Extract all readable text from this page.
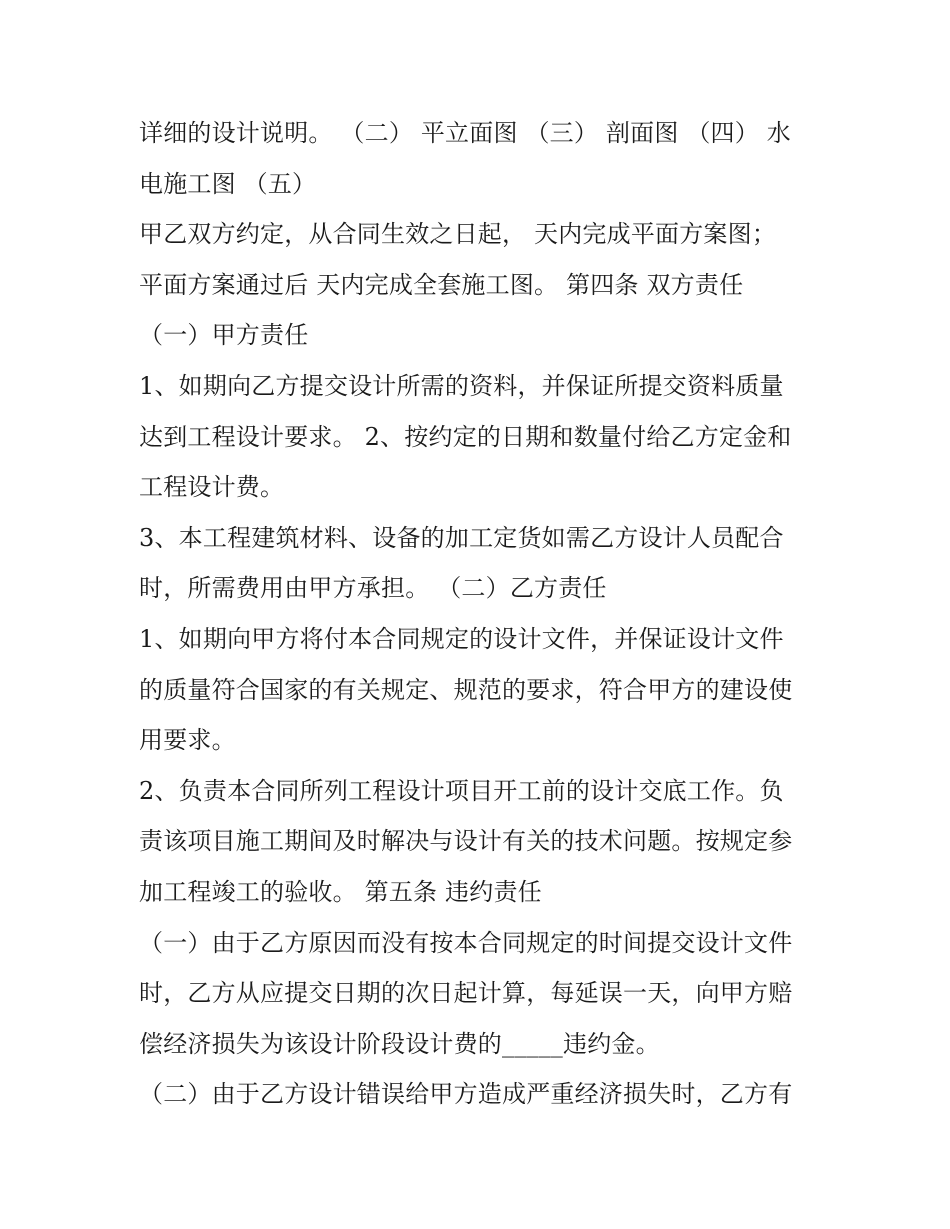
详细的设计说明。 （二） 平立面图 （三） 剖面图 （四） 水
电施工图 （五）
甲乙双方约定，从合同生效之日起， 天内完成平面方案图；
平面方案通过后 天内完成全套施工图。 第四条 双方责任
（一）甲方责任
1、如期向乙方提交设计所需的资料，并保证所提交资料质量
达到工程设计要求。 2、按约定的日期和数量付给乙方定金和
工程设计费。
3、本工程建筑材料、设备的加工定货如需乙方设计人员配合
时，所需费用由甲方承担。 （二）乙方责任
1、如期向甲方将付本合同规定的设计文件，并保证设计文件
的质量符合国家的有关规定、规范的要求，符合甲方的建设使
用要求。
2、负责本合同所列工程设计项目开工前的设计交底工作。负
责该项目施工期间及时解决与设计有关的技术问题。按规定参
加工程竣工的验收。 第五条 违约责任
（一）由于乙方原因而没有按本合同规定的时间提交设计文件
时，乙方从应提交日期的次日起计算，每延误一天，向甲方赔
偿经济损失为该设计阶段设计费的_____违约金。
（二）由于乙方设计错误给甲方造成严重经济损失时，乙方有
